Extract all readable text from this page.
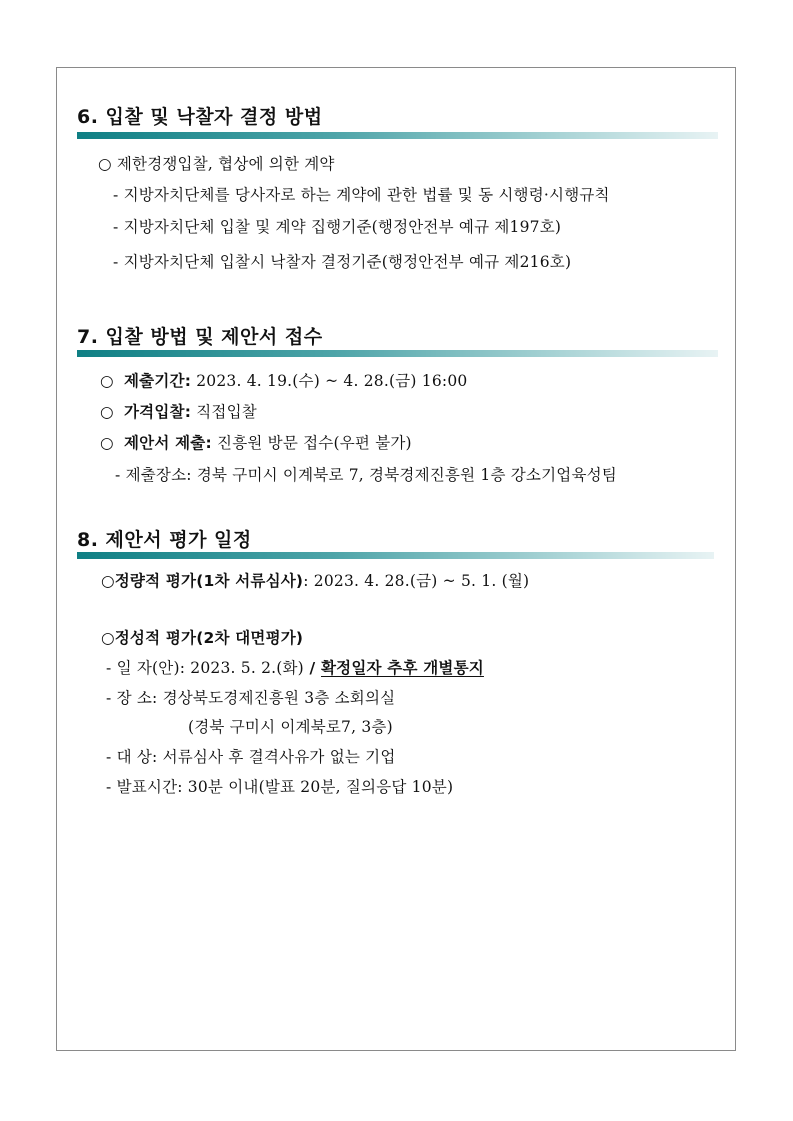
6. 입찰 및 낙찰자 결정 방법
○ 제한경쟁입찰, 협상에 의한 계약
- 지방자치단체를 당사자로 하는 계약에 관한 법률 및 동 시행령·시행규칙
- 지방자치단체 입찰 및 계약 집행기준(행정안전부 예규 제197호)
- 지방자치단체 입찰시 낙찰자 결정기준(행정안전부 예규 제216호)
7. 입찰 방법 및 제안서 접수
○ 제출기간: 2023. 4. 19.(수) ~ 4. 28.(금) 16:00
○ 가격입찰: 직접입찰
○ 제안서 제출: 진흥원 방문 접수(우편 불가)
- 제출장소: 경북 구미시 이계북로 7, 경북경제진흥원 1층 강소기업육성팀
8. 제안서 평가 일정
○정량적 평가(1차 서류심사): 2023. 4. 28.(금) ~ 5. 1. (월)
○정성적 평가(2차 대면평가)
- 일 자(안): 2023. 5. 2.(화) / 확정일자 추후 개별통지
- 장 소: 경상북도경제진흥원 3층 소회의실
(경북 구미시 이계북로7, 3층)
- 대 상: 서류심사 후 결격사유가 없는 기업
- 발표시간: 30분 이내(발표 20분, 질의응답 10분)
